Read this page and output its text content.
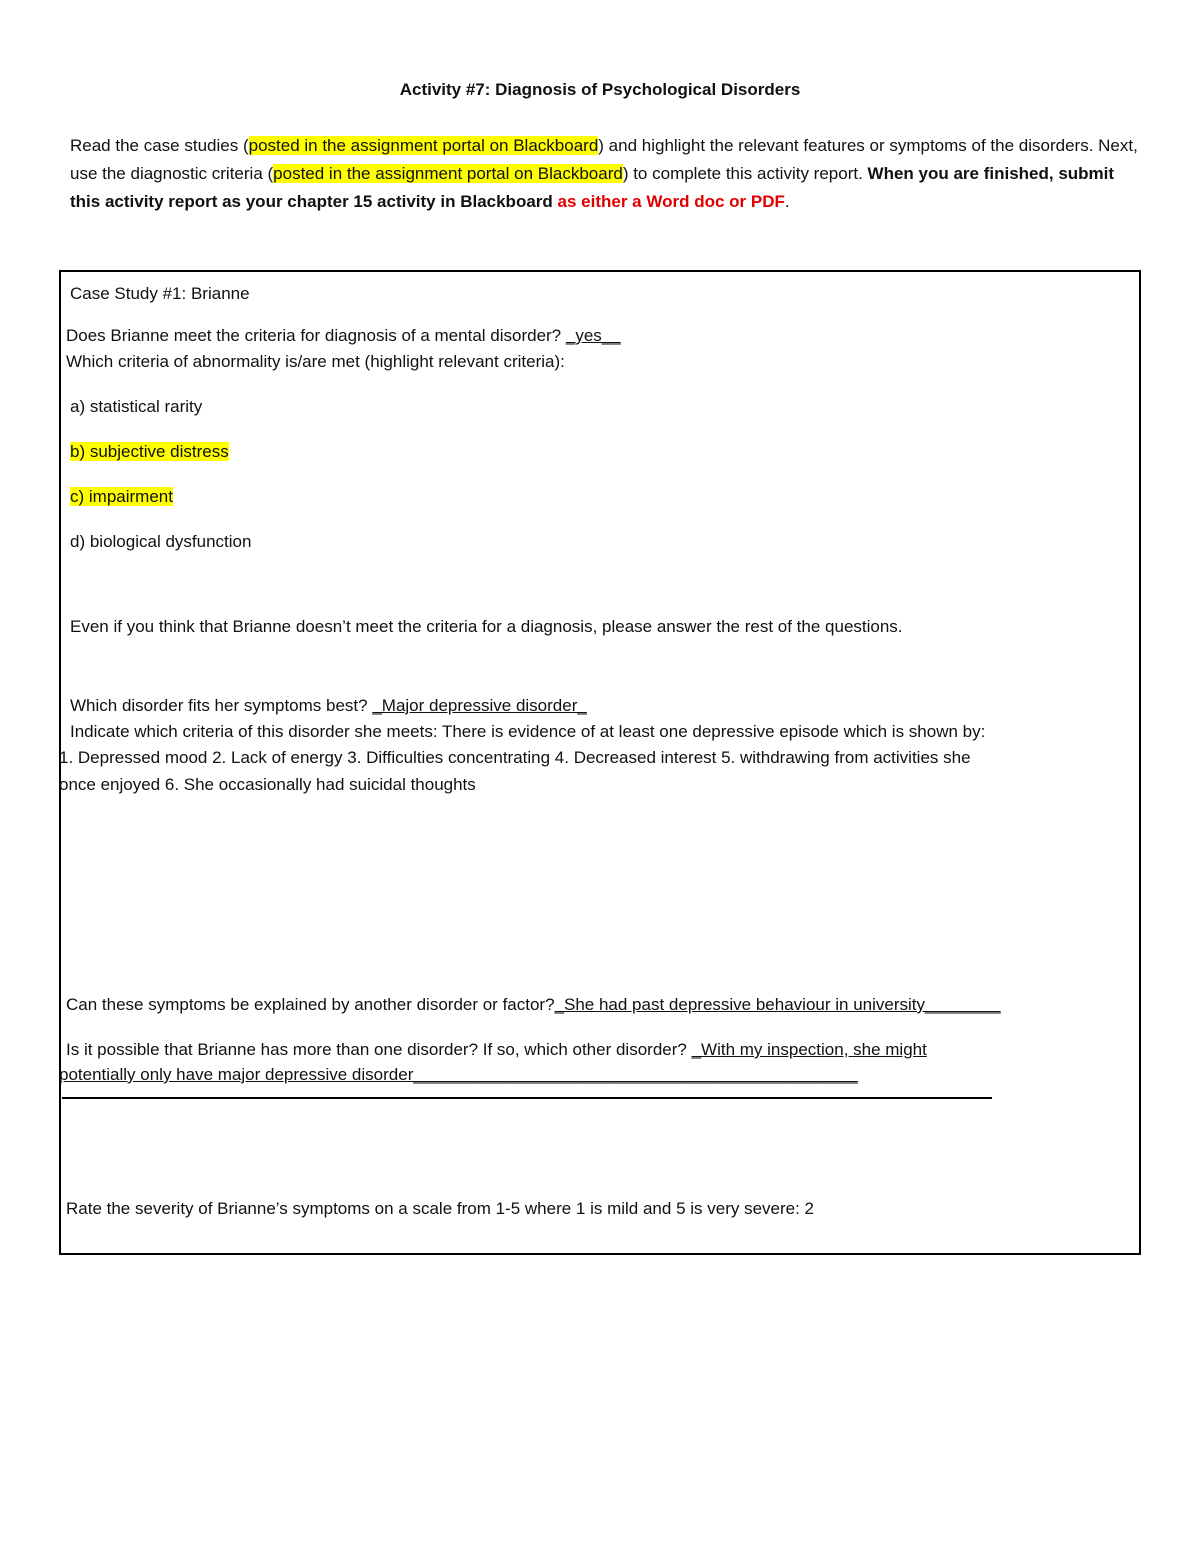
Activity #7: Diagnosis of Psychological Disorders
Read the case studies (posted in the assignment portal on Blackboard) and highlight the relevant features or symptoms of the disorders. Next, use the diagnostic criteria (posted in the assignment portal on Blackboard) to complete this activity report. When you are finished, submit this activity report as your chapter 15 activity in Blackboard as either a Word doc or PDF.
Case Study #1: Brianne
Does Brianne meet the criteria for diagnosis of a mental disorder? _yes__
Which criteria of abnormality is/are met (highlight relevant criteria):
a) statistical rarity
b) subjective distress
c) impairment
d) biological dysfunction
Even if you think that Brianne doesn’t meet the criteria for a diagnosis, please answer the rest of the questions.
Which disorder fits her symptoms best? _Major depressive disorder_
Indicate which criteria of this disorder she meets: There is evidence of at least one depressive episode which is shown by:
1. Depressed mood 2. Lack of energy 3. Difficulties concentrating 4. Decreased interest 5. withdrawing from activities she
once enjoyed 6. She occasionally had suicidal thoughts
Can these symptoms be explained by another disorder or factor?_She had past depressive behaviour in university________
Is it possible that Brianne has more than one disorder? If so, which other disorder? _With my inspection, she might
potentially only have major depressive disorder_______________________________________________
Rate the severity of Brianne’s symptoms on a scale from 1-5 where 1 is mild and 5 is very severe: 2
